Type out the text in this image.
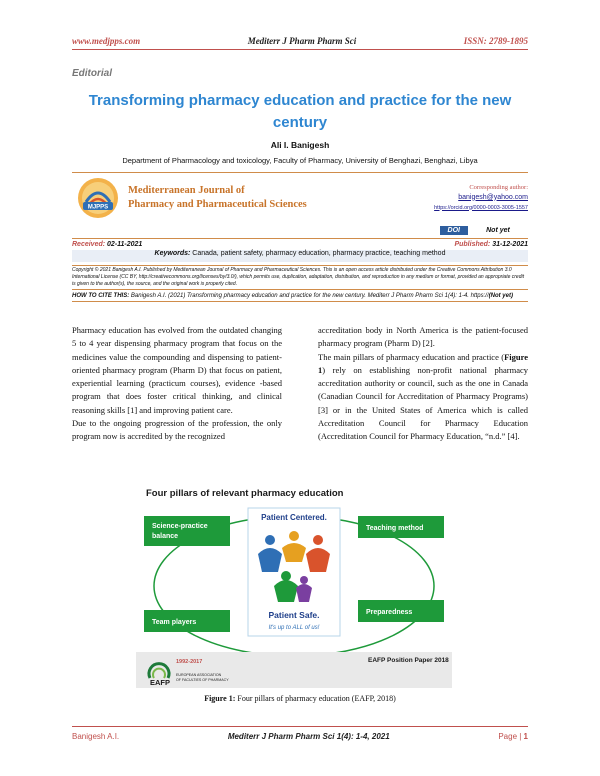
www.medjpps.com	Mediterr J Pharm Pharm Sci	ISSN: 2789-1895
Editorial
Transforming pharmacy education and practice for the new century
Ali I. Banigesh
Department of Pharmacology and toxicology, Faculty of Pharmacy, University of Benghazi, Benghazi, Libya
MJPPS
Mediterranean Journal of
Pharmacy and Pharmaceutical Sciences
Corresponding author:
banigesh@yahoo.com
https://orcid.org/0000-0003-3005-1557
DOI	Not yet
Received: 02-11-2021	Published: 31-12-2021
Keywords: Canada, patient safety, pharmacy education, pharmacy practice, teaching method
Copyright © 2021 Banigesh A.I. Published by Mediterranean Journal of Pharmacy and Pharmaceutical Sciences. This is an open access article distributed under the Creative Commons Attribution 3.0 International License (CC BY, http://creativecommons.org/licenses/by/3.0/), which permits use, duplication, adaptation, distribution, and reproduction in any medium or format, provided an appropriate credit is given to the author(s), the source, and the original work is properly cited.
HOW TO CITE THIS: Banigesh A.I. (2021) Transforming pharmacy education and practice for the new century. Mediterr J Pharm Pharm Sci 1(4): 1-4. https://(Not yet)

Pharmacy education has evolved from the outdated changing 5 to 4 year dispensing pharmacy program that focus on the medicines value the compounding and dispensing to patient-oriented pharmacy program (Pharm D) that focus on patient, experiential learning (practicum courses), evidence -based program that does foster critical thinking, and clinical reasoning skills [1] and improving patient care.

Due to the ongoing progression of the profession, the only program now is accredited by the recognized

accreditation body in North America is the patient-focused pharmacy program (Pharm D) [2].

The main pillars of pharmacy education and practice (Figure 1) rely on establishing non-profit national pharmacy accreditation authority or council, such as the one in Canada (Canadian Council for Accreditation of Pharmacy Programs) [3] or in the United States of America which is called Accreditation Council for Pharmacy Education (Accreditation Council for Pharmacy Education, “n.d.” [4].

Four pillars of relevant pharmacy education
Science-practice
balance
Teaching method
Team players
Preparedness
Patient Centered.
Patient Safe.
It's up to ALL of us!
EAFP Position Paper 2018
1992-2017
EAFP
EUROPEAN ASSOCIATION
OF FACULTIES OF PHARMACY
Figure 1: Four pillars of pharmacy education (EAFP, 2018)
Banigesh A.I.	Mediterr J Pharm Pharm Sci 1(4): 1-4, 2021	Page | 1
